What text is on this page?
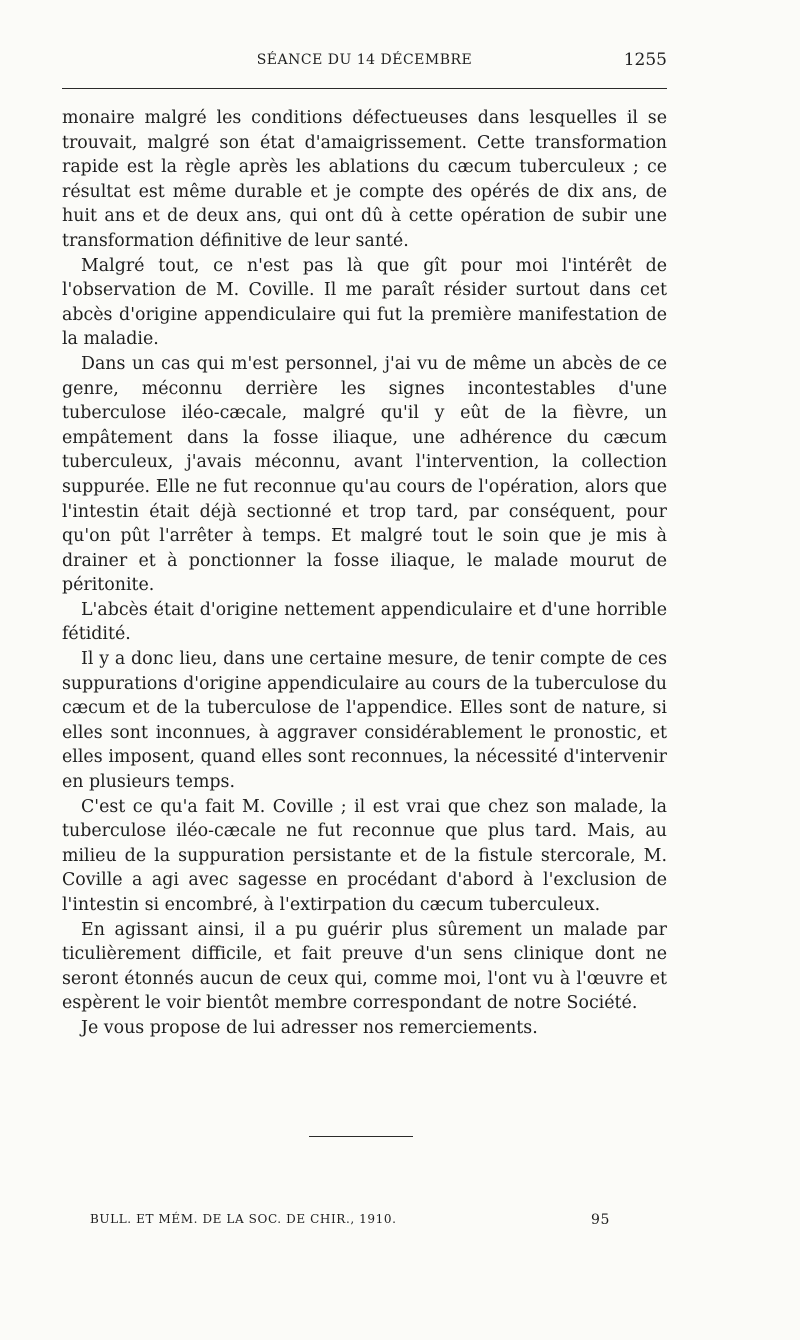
SÉANCE DU 14 DÉCEMBRE	1255

monaire malgré les conditions défectueuses dans lesquelles il se trouvait, malgré son état d'amaigrissement. Cette transformation rapide est la règle après les ablations du cæcum tuberculeux ; ce résultat est même durable et je compte des opérés de dix ans, de huit ans et de deux ans, qui ont dû à cette opération de subir une transformation définitive de leur santé.

Malgré tout, ce n'est pas là que gît pour moi l'intérêt de l'observation de M. Coville. Il me paraît résider surtout dans cet abcès d'origine appendiculaire qui fut la première manifestation de la maladie.

Dans un cas qui m'est personnel, j'ai vu de même un abcès de ce genre, méconnu derrière les signes incontestables d'une tuberculose iléo-cæcale, malgré qu'il y eût de la fièvre, un empâtement dans la fosse iliaque, une adhérence du cæcum tuberculeux, j'avais méconnu, avant l'intervention, la collection suppurée. Elle ne fut reconnue qu'au cours de l'opération, alors que l'intestin était déjà sectionné et trop tard, par conséquent, pour qu'on pût l'arrêter à temps. Et malgré tout le soin que je mis à drainer et à ponctionner la fosse iliaque, le malade mourut de péritonite.

L'abcès était d'origine nettement appendiculaire et d'une horrible fétidité.

Il y a donc lieu, dans une certaine mesure, de tenir compte de ces suppurations d'origine appendiculaire au cours de la tuberculose du cæcum et de la tuberculose de l'appendice. Elles sont de nature, si elles sont inconnues, à aggraver considérablement le pronostic, et elles imposent, quand elles sont reconnues, la nécessité d'intervenir en plusieurs temps.

C'est ce qu'a fait M. Coville ; il est vrai que chez son malade, la tuberculose iléo-cæcale ne fut reconnue que plus tard. Mais, au milieu de la suppuration persistante et de la fistule stercorale, M. Coville a agi avec sagesse en procédant d'abord à l'exclusion de l'intestin si encombré, à l'extirpation du cæcum tuberculeux.

En agissant ainsi, il a pu guérir plus sûrement un malade par ticulièrement difficile, et fait preuve d'un sens clinique dont ne seront étonnés aucun de ceux qui, comme moi, l'ont vu à l'œuvre et espèrent le voir bientôt membre correspondant de notre Société.

Je vous propose de lui adresser nos remerciements.

BULL. ET MÉM. DE LA SOC. DE CHIR., 1910.	95
